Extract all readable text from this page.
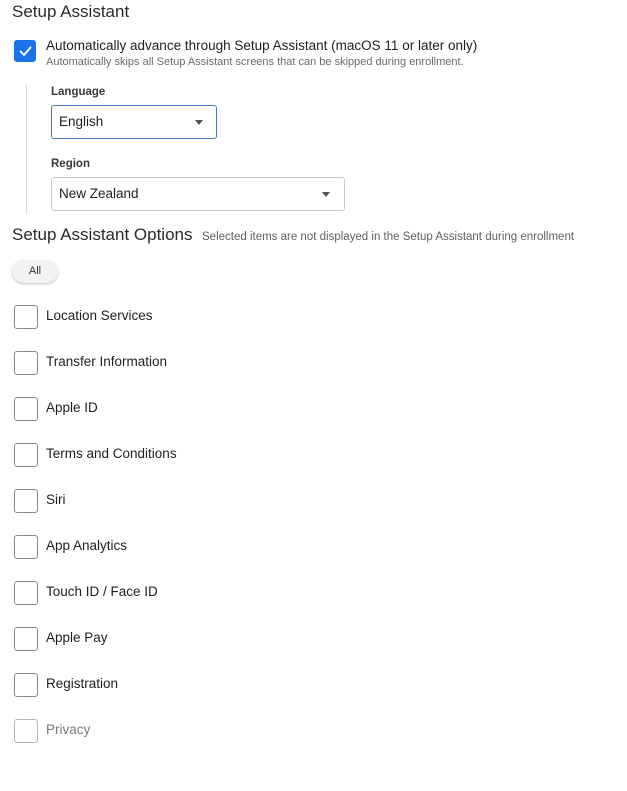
Setup Assistant
Automatically advance through Setup Assistant (macOS 11 or later only)
Automatically skips all Setup Assistant screens that can be skipped during enrollment.
Language
English
Region
New Zealand
Setup Assistant Options Selected items are not displayed in the Setup Assistant during enrollment
All
Location Services
Transfer Information
Apple ID
Terms and Conditions
Siri
App Analytics
Touch ID / Face ID
Apple Pay
Registration
Privacy
